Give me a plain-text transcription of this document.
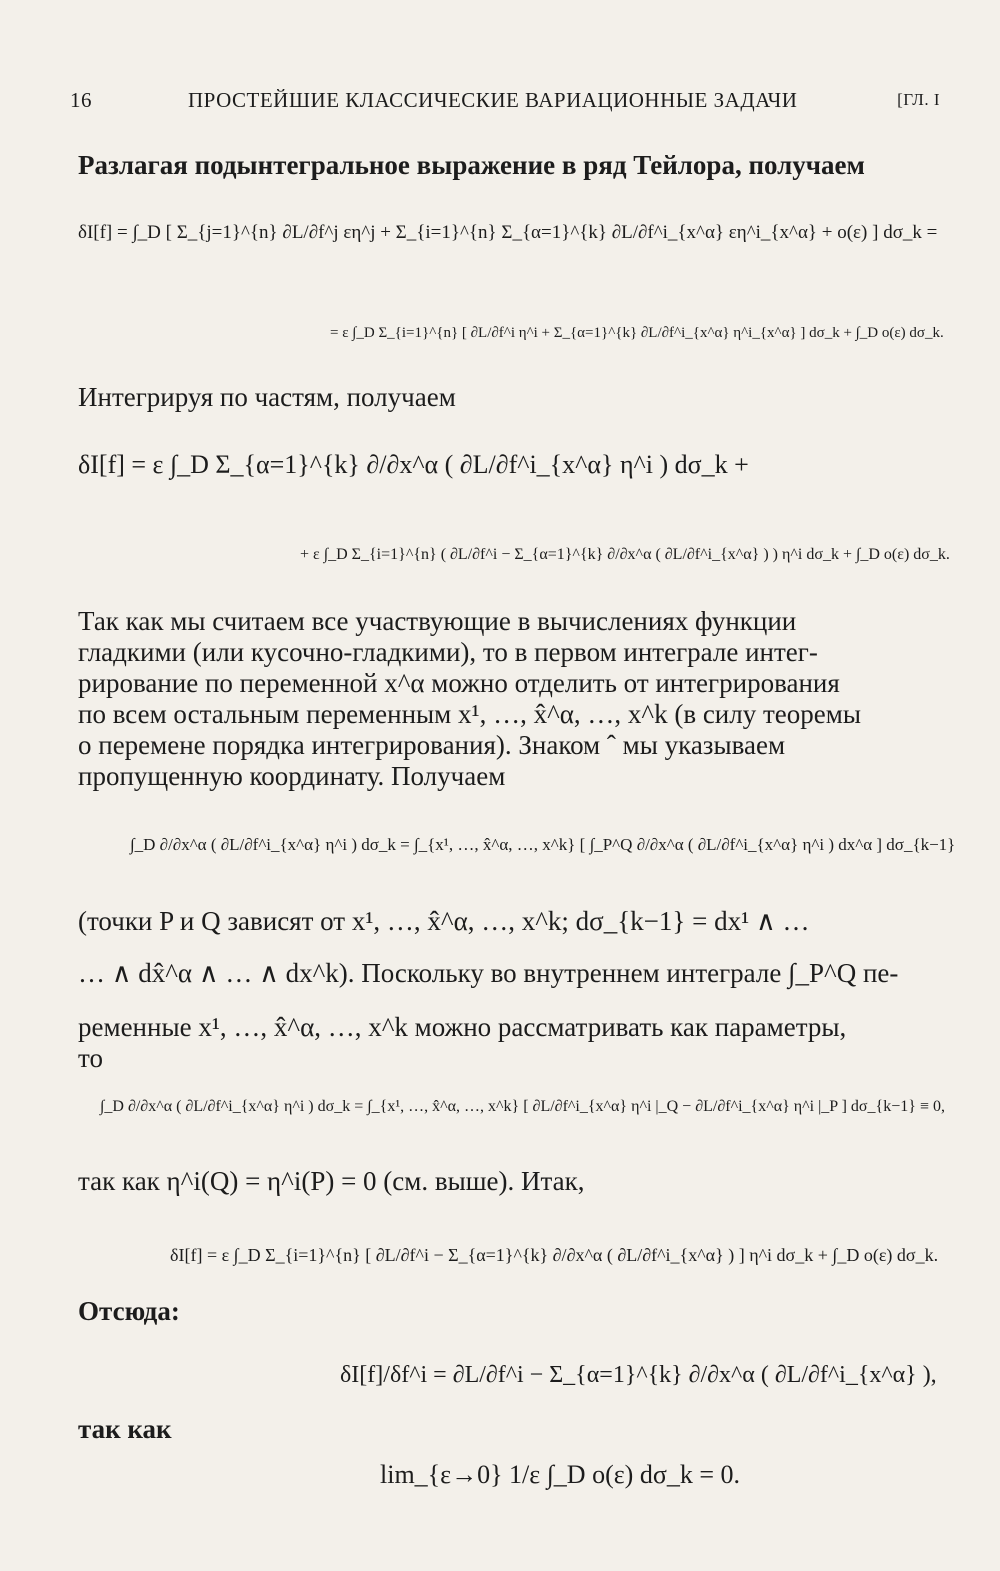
16	ПРОСТЕЙШИЕ КЛАССИЧЕСКИЕ ВАРИАЦИОННЫЕ ЗАДАЧИ	[ГЛ. I
Разлагая подынтегральное выражение в ряд Тейлора, получаем
δI[f] = ∫_D [ Σ_{j=1}^{n} ∂L/∂f^j εη^j + Σ_{i=1}^{n} Σ_{α=1}^{k} ∂L/∂f^i_{x^α} εη^i_{x^α} + o(ε) ] dσ_k =
= ε ∫_D Σ_{i=1}^{n} [ ∂L/∂f^i η^i + Σ_{α=1}^{k} ∂L/∂f^i_{x^α} η^i_{x^α} ] dσ_k + ∫_D o(ε) dσ_k.
Интегрируя по частям, получаем
δI[f] = ε ∫_D Σ_{α=1}^{k} ∂/∂x^α ( ∂L/∂f^i_{x^α} η^i ) dσ_k +
+ ε ∫_D Σ_{i=1}^{n} ( ∂L/∂f^i − Σ_{α=1}^{k} ∂/∂x^α ( ∂L/∂f^i_{x^α} ) ) η^i dσ_k + ∫_D o(ε) dσ_k.
Так как мы считаем все участвующие в вычислениях функции
гладкими (или кусочно-гладкими), то в первом интеграле интег-
рирование по переменной x^α можно отделить от интегрирования
по всем остальным переменным x¹, …, x̂^α, …, x^k (в силу теоремы
о перемене порядка интегрирования). Знаком ˆ мы указываем
пропущенную координату. Получаем
∫_D ∂/∂x^α ( ∂L/∂f^i_{x^α} η^i ) dσ_k = ∫_{x¹, …, x̂^α, …, x^k} [ ∫_P^Q ∂/∂x^α ( ∂L/∂f^i_{x^α} η^i ) dx^α ] dσ_{k−1}
(точки P и Q зависят от x¹, …, x̂^α, …, x^k; dσ_{k−1} = dx¹ ∧ …
… ∧ dx̂^α ∧ … ∧ dx^k). Поскольку во внутреннем интеграле ∫_P^Q пе-
ременные x¹, …, x̂^α, …, x^k можно рассматривать как параметры,
то
∫_D ∂/∂x^α ( ∂L/∂f^i_{x^α} η^i ) dσ_k = ∫_{x¹, …, x̂^α, …, x^k} [ ∂L/∂f^i_{x^α} η^i |_Q − ∂L/∂f^i_{x^α} η^i |_P ] dσ_{k−1} ≡ 0,
так как η^i(Q) = η^i(P) = 0 (см. выше). Итак,
δI[f] = ε ∫_D Σ_{i=1}^{n} [ ∂L/∂f^i − Σ_{α=1}^{k} ∂/∂x^α ( ∂L/∂f^i_{x^α} ) ] η^i dσ_k + ∫_D o(ε) dσ_k.
Отсюда:
δI[f]/δf^i = ∂L/∂f^i − Σ_{α=1}^{k} ∂/∂x^α ( ∂L/∂f^i_{x^α} ),
так как
lim_{ε→0} 1/ε ∫_D o(ε) dσ_k = 0.
